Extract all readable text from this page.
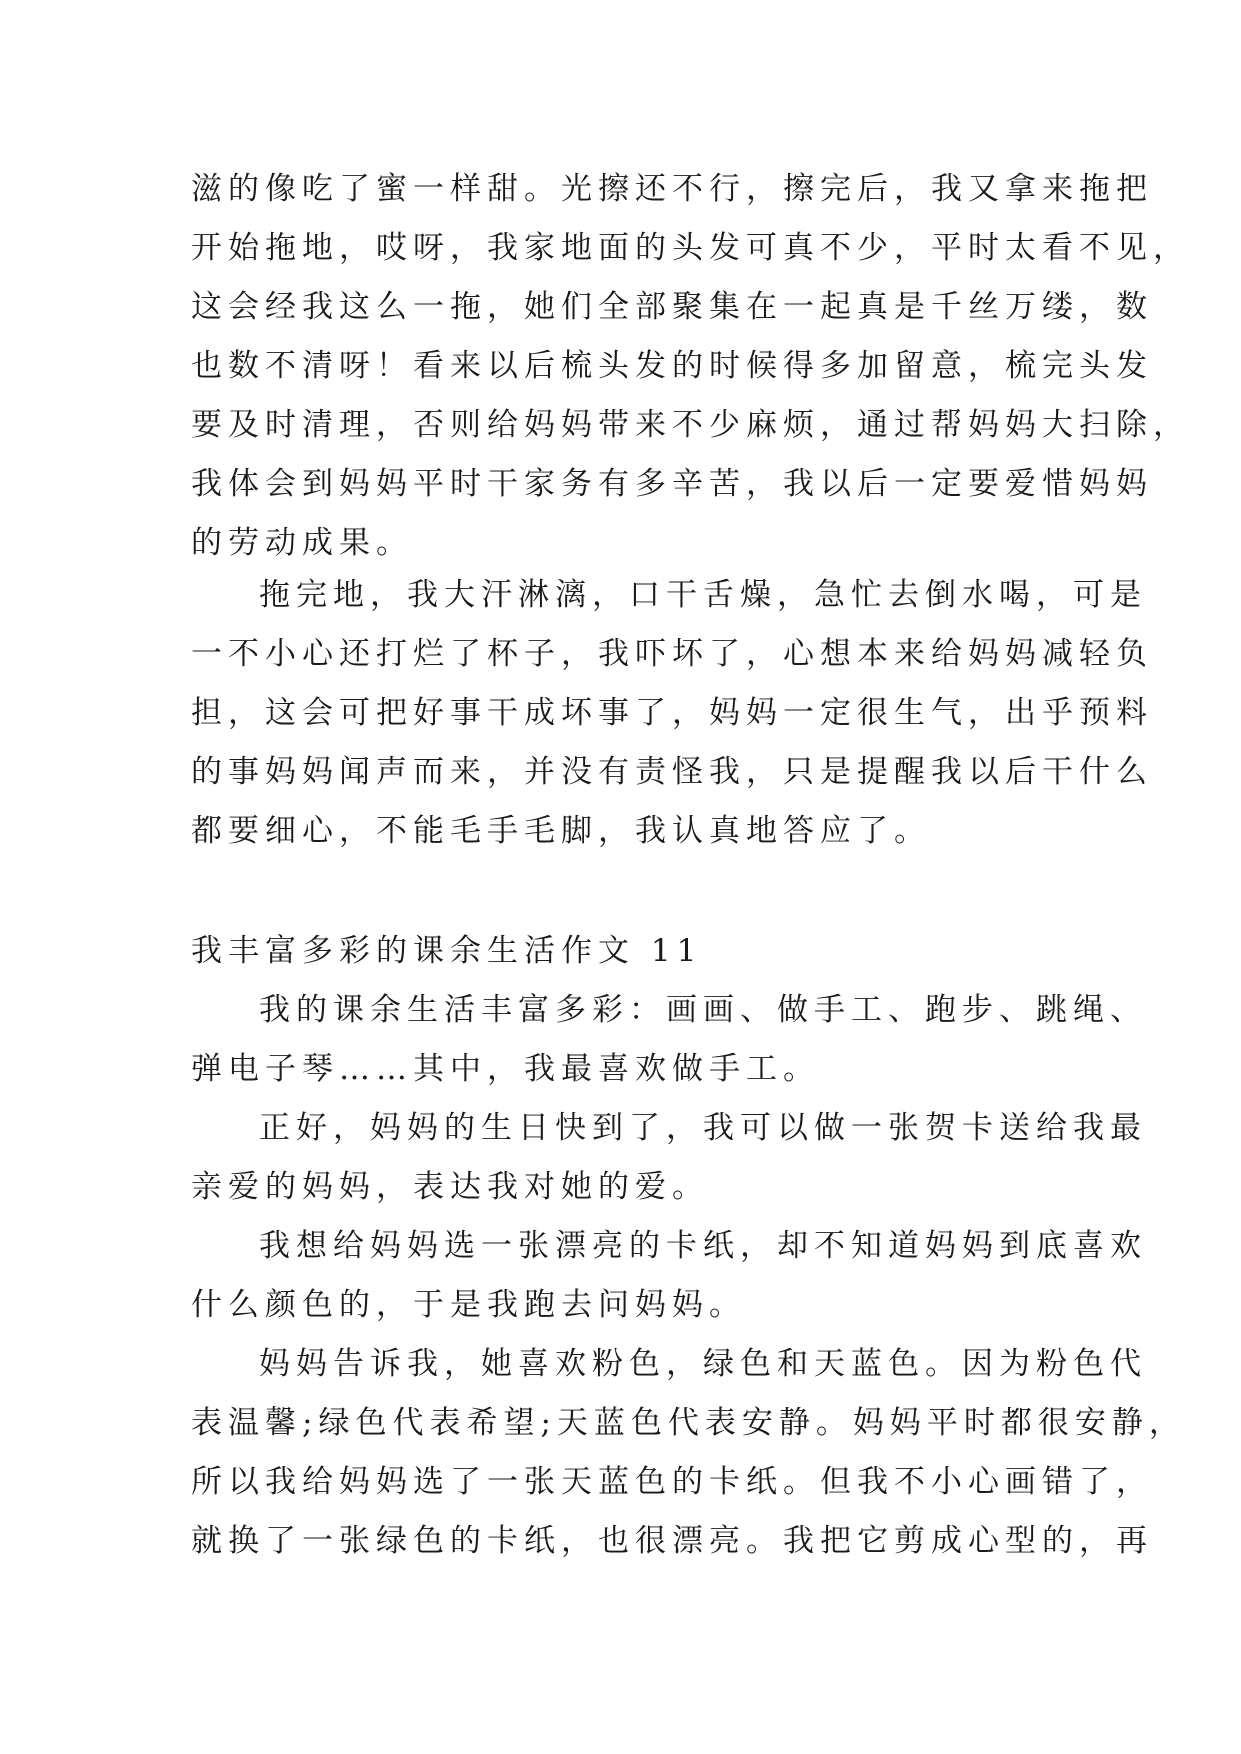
滋的像吃了蜜一样甜。光擦还不行，擦完后，我又拿来拖把
开始拖地，哎呀，我家地面的头发可真不少，平时太看不见，
这会经我这么一拖，她们全部聚集在一起真是千丝万缕，数
也数不清呀！看来以后梳头发的时候得多加留意，梳完头发
要及时清理，否则给妈妈带来不少麻烦，通过帮妈妈大扫除，
我体会到妈妈平时干家务有多辛苦，我以后一定要爱惜妈妈
的劳动成果。
拖完地，我大汗淋漓，口干舌燥，急忙去倒水喝，可是
一不小心还打烂了杯子，我吓坏了，心想本来给妈妈减轻负
担，这会可把好事干成坏事了，妈妈一定很生气，出乎预料
的事妈妈闻声而来，并没有责怪我，只是提醒我以后干什么
都要细心，不能毛手毛脚，我认真地答应了。
我丰富多彩的课余生活作文 11
我的课余生活丰富多彩：画画、做手工、跑步、跳绳、
弹电子琴……其中，我最喜欢做手工。
正好，妈妈的生日快到了，我可以做一张贺卡送给我最
亲爱的妈妈，表达我对她的爱。
我想给妈妈选一张漂亮的卡纸，却不知道妈妈到底喜欢
什么颜色的，于是我跑去问妈妈。
妈妈告诉我，她喜欢粉色，绿色和天蓝色。因为粉色代
表温馨;绿色代表希望;天蓝色代表安静。妈妈平时都很安静，
所以我给妈妈选了一张天蓝色的卡纸。但我不小心画错了，
就换了一张绿色的卡纸，也很漂亮。我把它剪成心型的，再
